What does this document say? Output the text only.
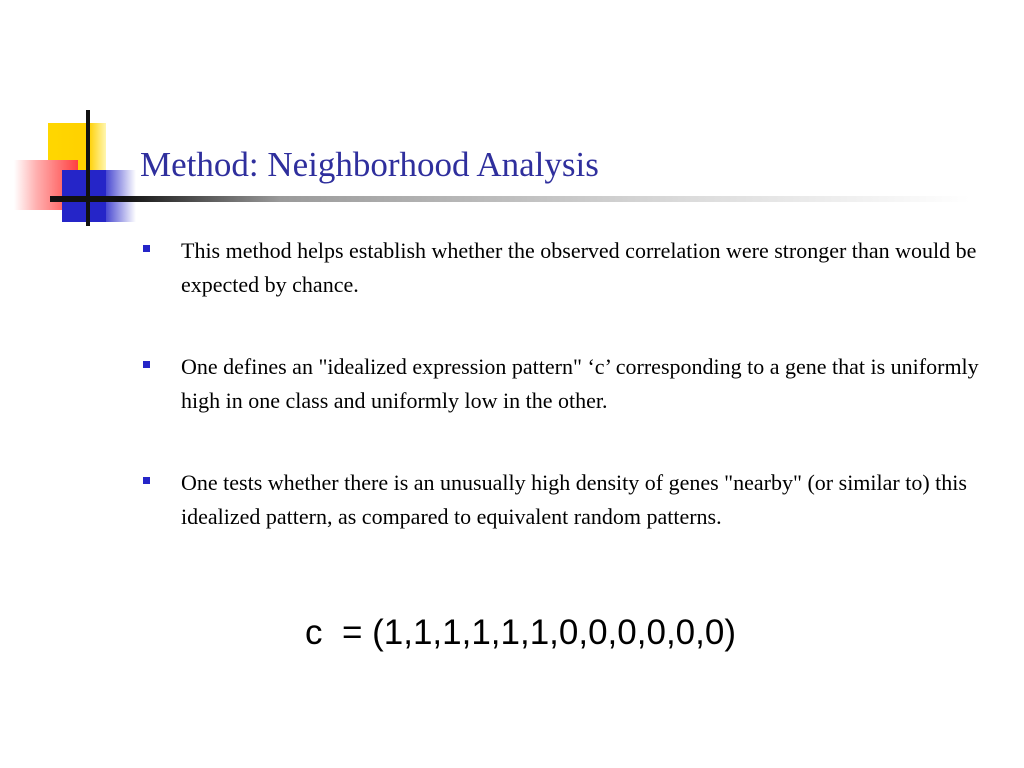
Method: Neighborhood Analysis
This method helps establish whether the observed correlation were stronger than would be expected by chance.
One defines an "idealized expression pattern" ‘c’ corresponding to a gene that is uniformly high in one class and uniformly low in the other.
One tests whether there is an unusually high density of genes "nearby" (or similar to) this idealized pattern, as compared to equivalent random patterns.
c  = (1,1,1,1,1,1,0,0,0,0,0,0)
